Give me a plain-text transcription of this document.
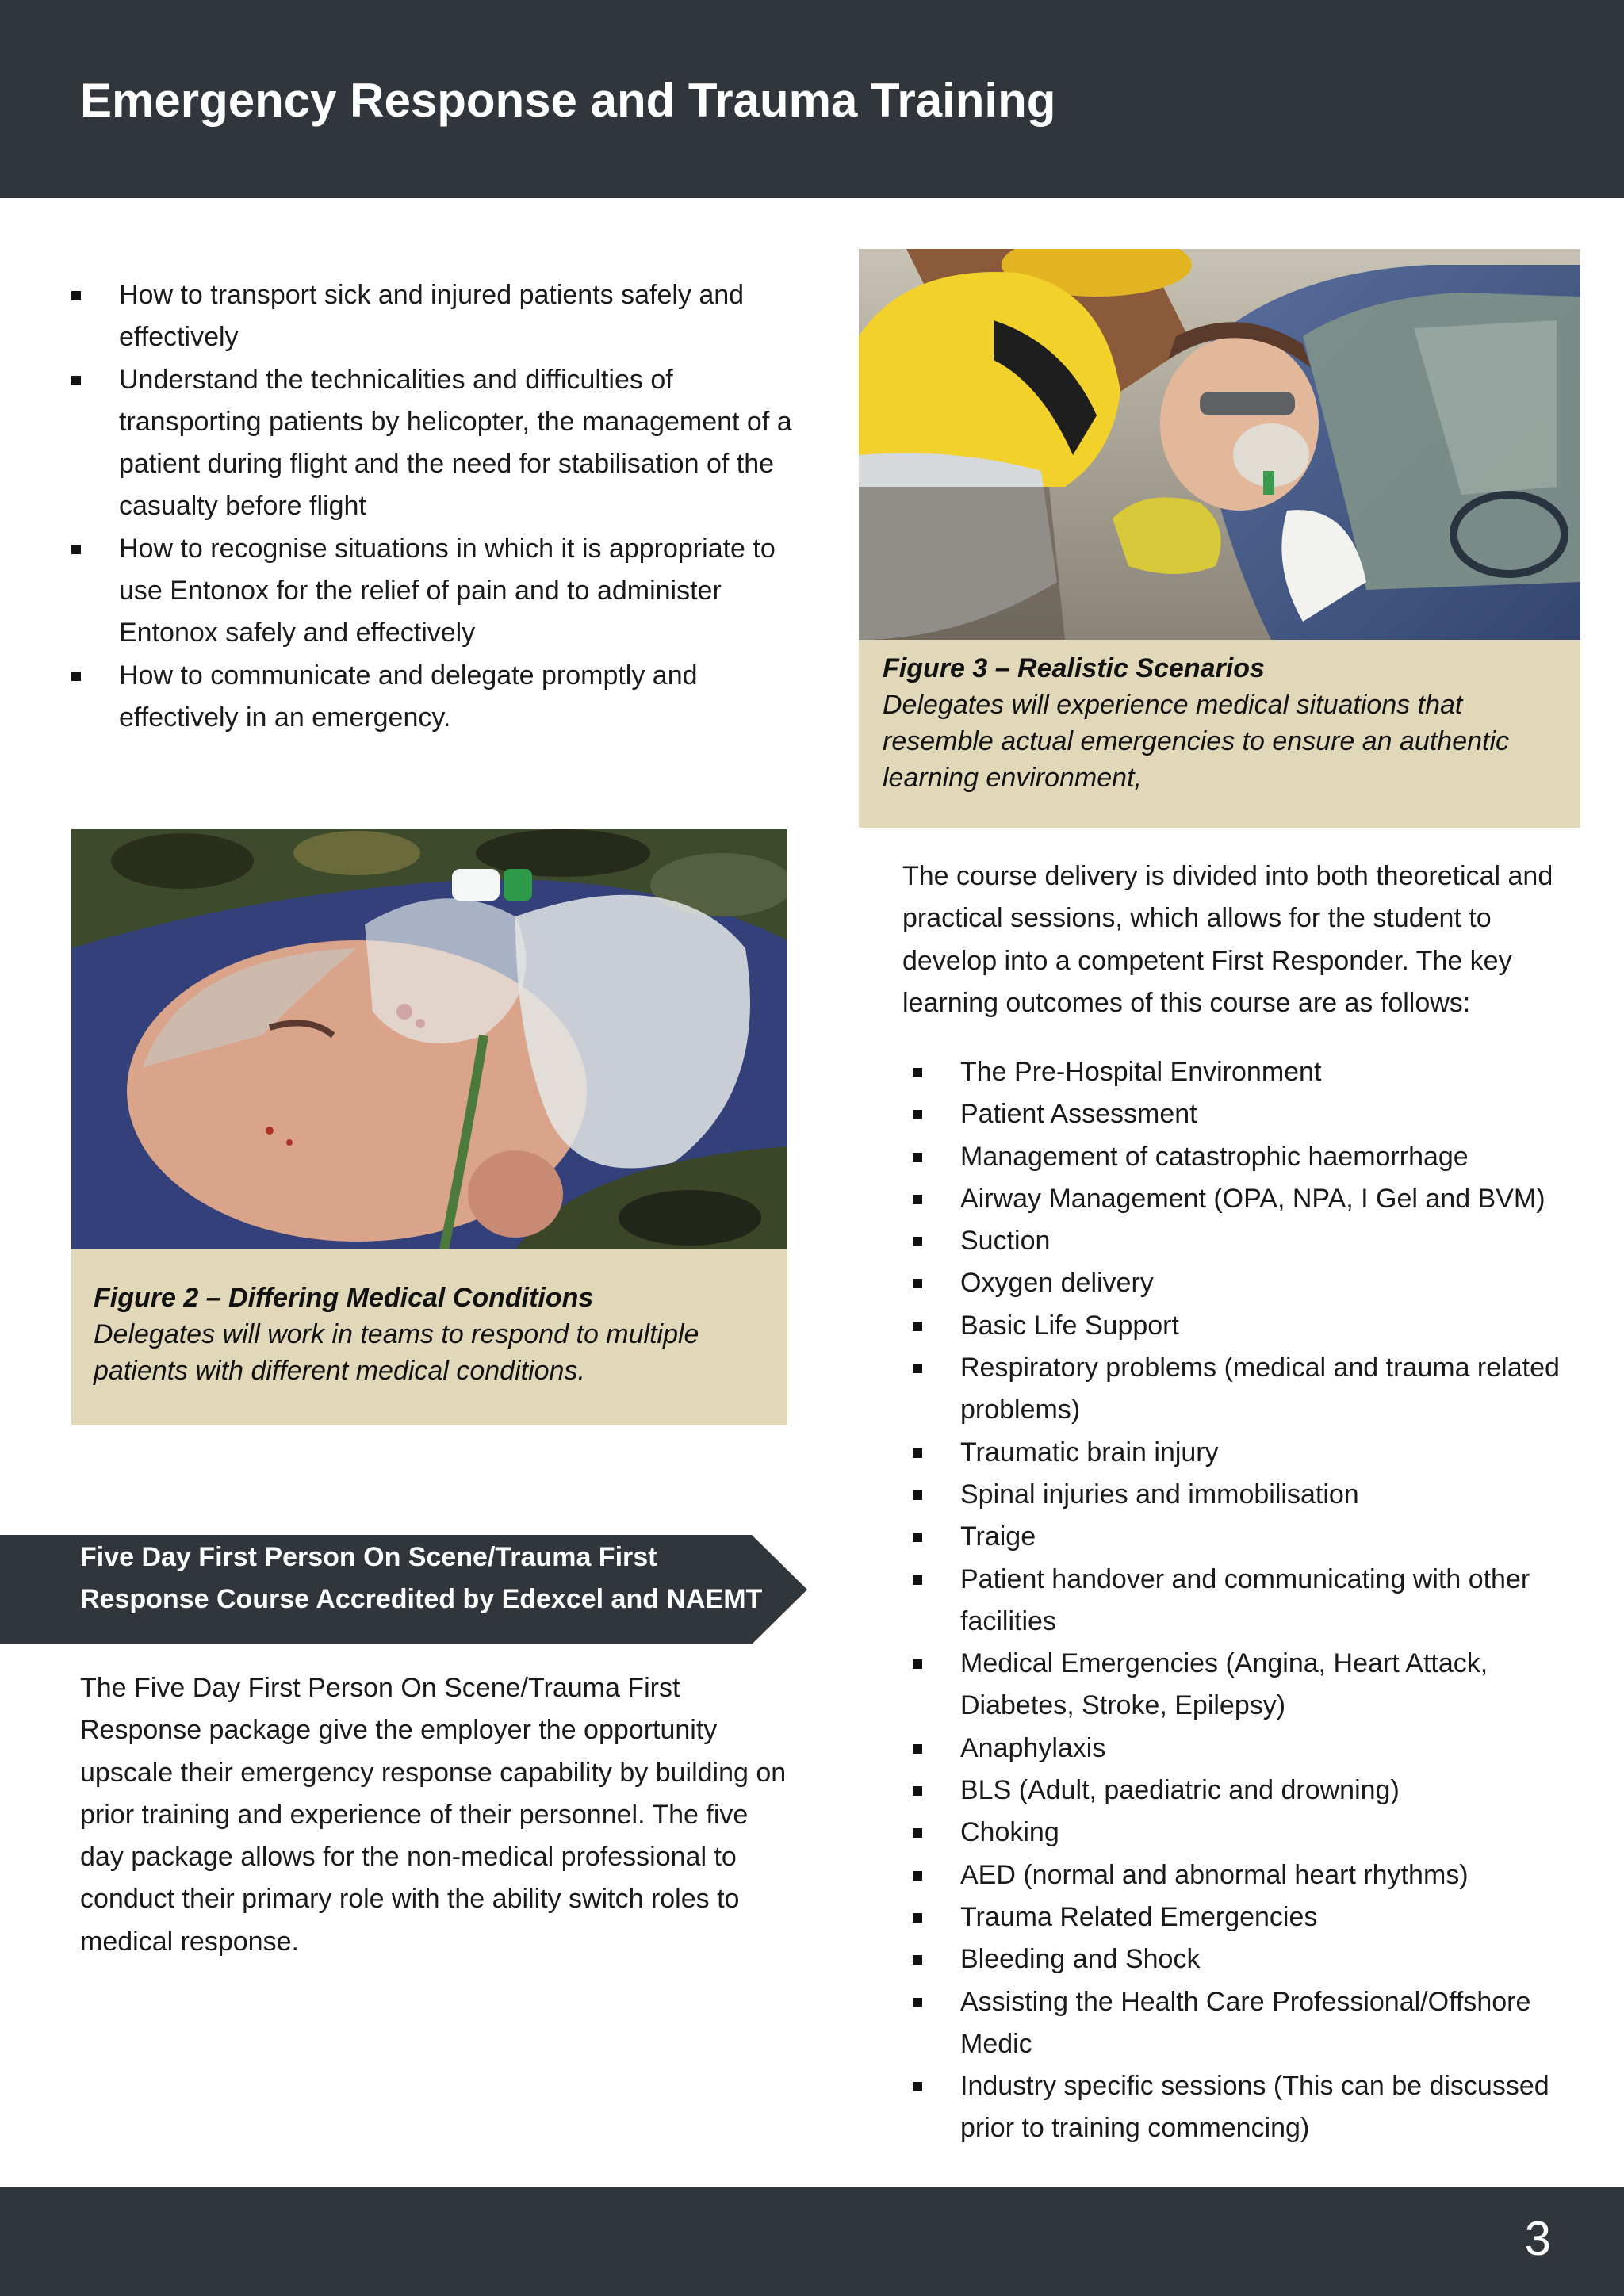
Emergency Response and Trauma Training
How to transport sick and injured patients safely and effectively
Understand the technicalities and difficulties of transporting patients by helicopter, the management of a patient during flight and the need for stabilisation of the casualty before flight
How to recognise situations in which it is appropriate to use Entonox for the relief of pain and to administer Entonox safely and effectively
How to communicate and delegate promptly and effectively in an emergency.
Figure 3 – Realistic Scenarios
Delegates will experience medical situations that resemble actual emergencies to ensure an authentic learning environment,
Figure 2 – Differing Medical Conditions
Delegates will work in teams to respond to multiple patients with different medical conditions.

The course delivery is divided into both theoretical and practical sessions, which allows for the student to develop into a competent First Responder. The key learning outcomes of this course are as follows:

The Pre-Hospital Environment
Patient Assessment
Management of catastrophic haemorrhage
Airway Management (OPA, NPA, I Gel and BVM)
Suction
Oxygen delivery
Basic Life Support
Respiratory problems (medical and trauma related problems)
Traumatic brain injury
Spinal injuries and immobilisation
Traige
Patient handover and communicating with other facilities
Medical Emergencies (Angina, Heart Attack, Diabetes, Stroke, Epilepsy)
Anaphylaxis
BLS (Adult, paediatric and drowning)
Choking
AED (normal and abnormal heart rhythms)
Trauma Related Emergencies
Bleeding and Shock
Assisting the Health Care Professional/Offshore Medic
Industry specific sessions (This can be discussed prior to training commencing)
Five Day First Person On Scene/Trauma First
Response Course Accredited by Edexcel and NAEMT

The Five Day First Person On Scene/Trauma First Response package give the employer the opportunity upscale their emergency response capability by building on prior training and experience of their personnel. The five day package allows for the non-medical professional to conduct their primary role with the ability switch roles to medical response.

3
